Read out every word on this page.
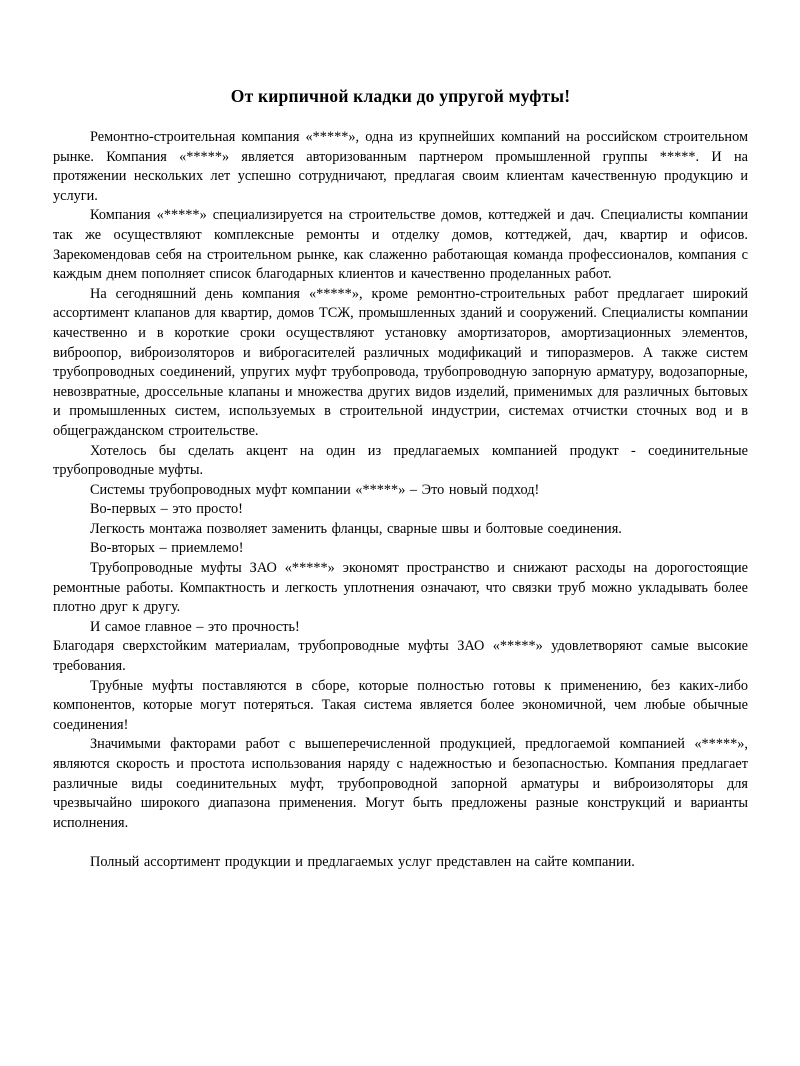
От кирпичной кладки до упругой муфты!

Ремонтно-строительная компания «*****», одна из крупнейших компаний на российском строительном рынке. Компания «*****» является авторизованным партнером промышленной группы *****. И на протяжении нескольких лет успешно сотрудничают, предлагая своим клиентам качественную продукцию и услуги.

Компания «*****» специализируется на строительстве домов, коттеджей и дач. Специалисты компании так же осуществляют комплексные ремонты и отделку домов, коттеджей, дач, квартир и офисов. Зарекомендовав себя на строительном рынке, как слаженно работающая команда профессионалов, компания с каждым днем пополняет список благодарных клиентов и качественно проделанных работ.

На сегодняшний день компания «*****», кроме ремонтно-строительных работ предлагает широкий ассортимент клапанов для квартир, домов ТСЖ, промышленных зданий и сооружений. Специалисты компании качественно и в короткие сроки осуществляют установку амортизаторов, амортизационных элементов, виброопор, виброизоляторов и виброгасителей различных модификаций и типоразмеров. А также систем трубопроводных соединений, упругих муфт трубопровода, трубопроводную запорную арматуру, водозапорные, невозвратные, дроссельные клапаны и множества других видов изделий, применимых для различных бытовых и промышленных систем, используемых в строительной индустрии, системах отчистки сточных вод и в общегражданском строительстве.

Хотелось бы сделать акцент на один из предлагаемых компанией продукт - соединительные трубопроводные муфты.

Системы трубопроводных муфт компании «*****» – Это новый подход!

Во-первых – это просто!

Легкость монтажа позволяет заменить фланцы, сварные швы и болтовые соединения.

Во-вторых – приемлемо!

Трубопроводные муфты ЗАО «*****» экономят пространство и снижают расходы на дорогостоящие ремонтные работы. Компактность и легкость уплотнения означают, что связки труб можно укладывать более плотно друг к другу.

И самое главное – это прочность!

Благодаря сверхстойким материалам, трубопроводные муфты ЗАО «*****» удовлетворяют самые высокие требования.

Трубные муфты поставляются в сборе, которые полностью готовы к применению, без каких-либо компонентов, которые могут потеряться. Такая система является более экономичной, чем любые обычные соединения!

Значимыми факторами работ с вышеперечисленной продукцией, предлогаемой компанией «*****», являются скорость и простота использования наряду с надежностью и безопасностью. Компания предлагает различные виды соединительных муфт, трубопроводной запорной арматуры и виброизоляторы для чрезвычайно широкого диапазона применения. Могут быть предложены разные конструкций и варианты исполнения.

Полный ассортимент продукции и предлагаемых услуг представлен на сайте компании.
